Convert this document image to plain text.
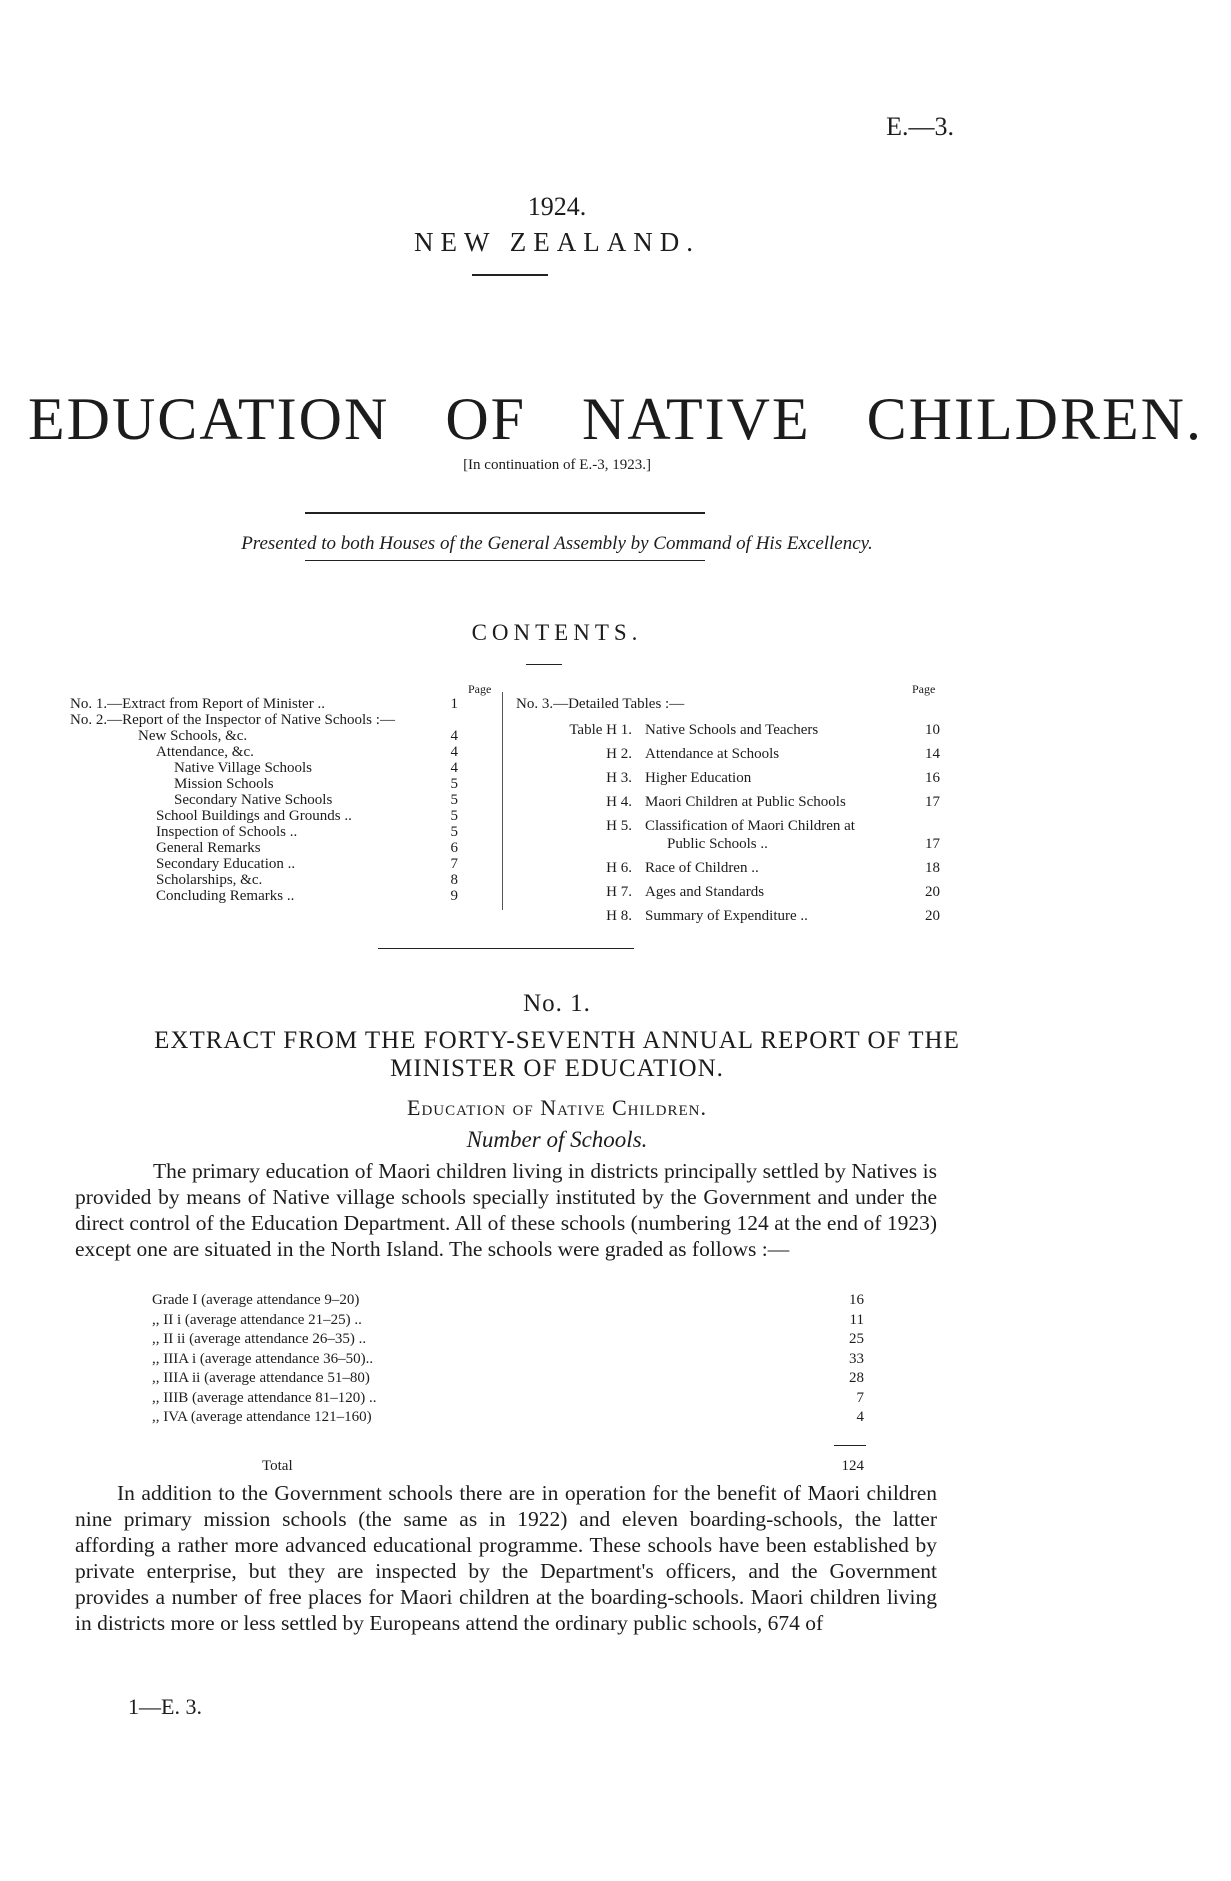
E.—3.
1924.
NEW ZEALAND.
EDUCATION OF NATIVE CHILDREN.
[In continuation of E.-3, 1923.]
Presented to both Houses of the General Assembly by Command of His Excellency.
CONTENTS.
Page	Page
No. 1.—Extract from Report of Minister ..	1
No. 2.—Report of the Inspector of Native Schools :—
New Schools, &c.	4
Attendance, &c.	4
Native Village Schools	4
Mission Schools	5
Secondary Native Schools	5
School Buildings and Grounds ..	5
Inspection of Schools ..	5
General Remarks	6
Secondary Education ..	7
Scholarships, &c.	8
Concluding Remarks ..	9
No. 3.—Detailed Tables :—
Table H 1. Native Schools and Teachers	10
H 2. Attendance at Schools	14
H 3. Higher Education	16
H 4. Maori Children at Public Schools	17
H 5. Classification of Maori Children at
Public Schools ..	17
H 6. Race of Children ..	18
H 7. Ages and Standards	20
H 8. Summary of Expenditure ..	20
No. 1.
EXTRACT FROM THE FORTY-SEVENTH ANNUAL REPORT OF THE
MINISTER OF EDUCATION.
Education of Native Children.
Number of Schools.
The primary education of Maori children living in districts principally settled by Natives is provided by means of Native village schools specially instituted by the Government and under the direct control of the Education Department. All of these schools (numbering 124 at the end of 1923) except one are situated in the North Island. The schools were graded as follows :—
Grade I (average attendance 9–20)	16
,, II i (average attendance 21–25) ..	11
,, II ii (average attendance 26–35) ..	25
,, IIIA i (average attendance 36–50)..	33
,, IIIA ii (average attendance 51–80)	28
,, IIIB (average attendance 81–120) ..	7
,, IVA (average attendance 121–160)	4
Total	124
In addition to the Government schools there are in operation for the benefit of Maori children nine primary mission schools (the same as in 1922) and eleven boarding-schools, the latter affording a rather more advanced educational programme. These schools have been established by private enterprise, but they are inspected by the Department's officers, and the Government provides a number of free places for Maori children at the boarding-schools. Maori children living in districts more or less settled by Europeans attend the ordinary public schools, 674 of
1—E. 3.
